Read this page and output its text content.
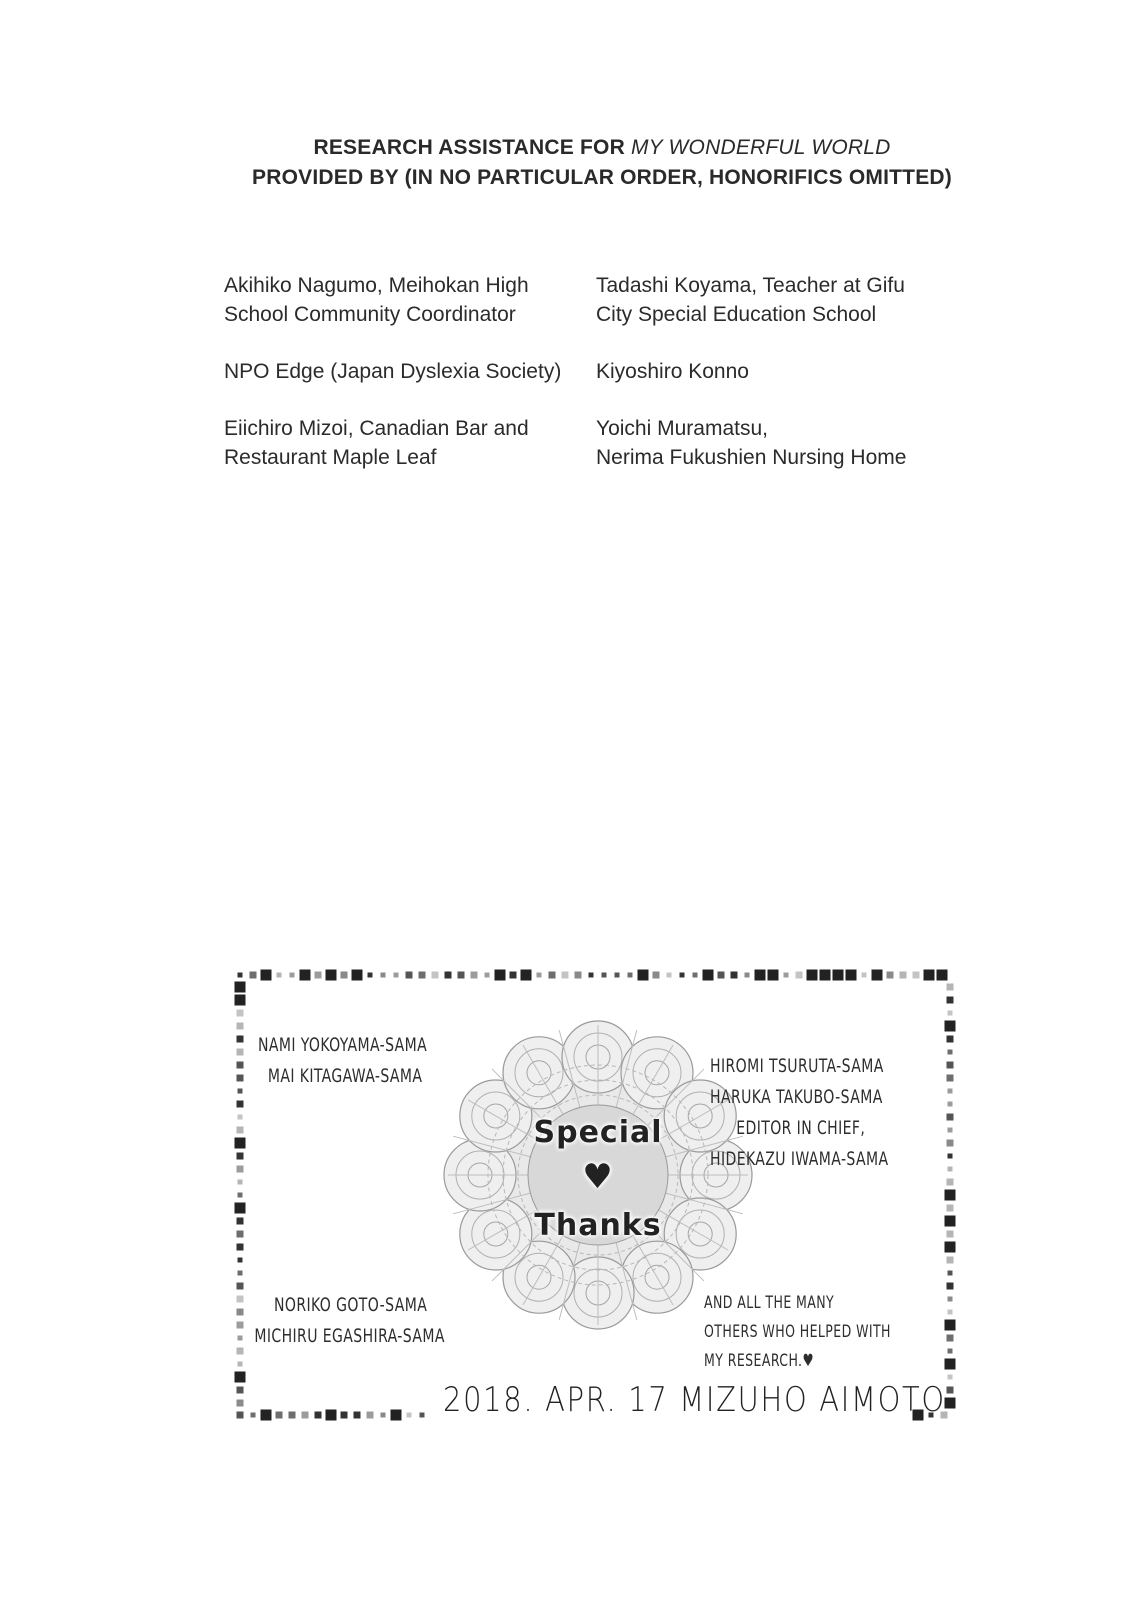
RESEARCH ASSISTANCE FOR MY WONDERFUL WORLD
PROVIDED BY (IN NO PARTICULAR ORDER, HONORIFICS OMITTED)
Akihiko Nagumo, Meihokan High
School Community Coordinator
NPO Edge (Japan Dyslexia Society)
Eiichiro Mizoi, Canadian Bar and
Restaurant Maple Leaf
Tadashi Koyama, Teacher at Gifu
City Special Education School
Kiyoshiro Konno
Yoichi Muramatsu,
Nerima Fukushien Nursing Home
Special
♥
Thanks
NAMI YOKOYAMA-SAMA
MAI KITAGAWA-SAMA	HIROMI TSURUTA-SAMA
HARUKA TAKUBO-SAMA
EDITOR IN CHIEF,
HIDEKAZU IWAMA-SAMA
NORIKO GOTO-SAMA
MICHIRU EGASHIRA-SAMA
AND ALL THE MANY
OTHERS WHO HELPED WITH
MY RESEARCH.♥
2018. APR. 17 MIZUHO AIMOTO
